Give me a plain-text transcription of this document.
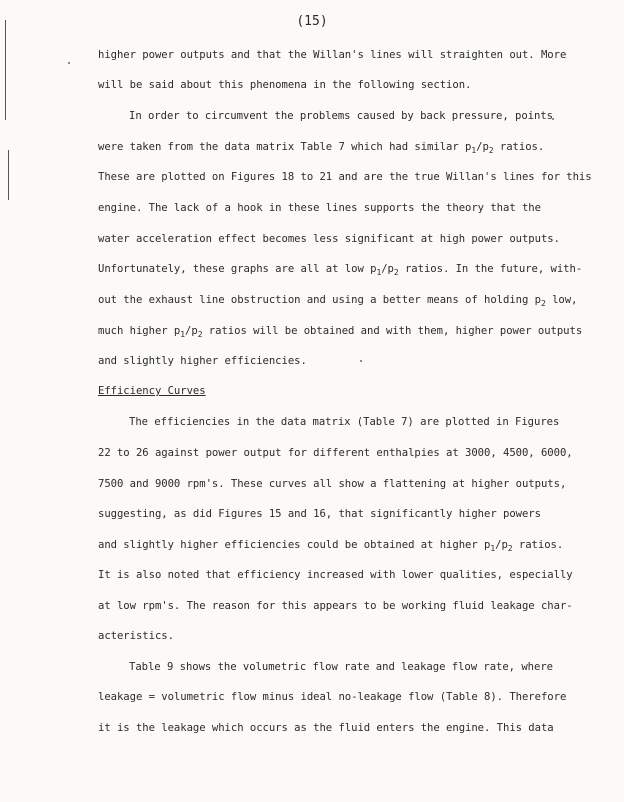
(15)
higher power outputs and that the Willan's lines will straighten out. More
will be said about this phenomena in the following section.
In order to circumvent the problems caused by back pressure, points
were taken from the data matrix Table 7 which had similar $p_1/p_2$ ratios.
These are plotted on Figures 18 to 21 and are the true Willan's lines for this
engine. The lack of a hook in these lines supports the theory that the
water acceleration effect becomes less significant at high power outputs.
Unfortunately, these graphs are all at low $p_1/p_2$ ratios. In the future, with-
out the exhaust line obstruction and using a better means of holding $p_2$ low,
much higher $p_1/p_2$ ratios will be obtained and with them, higher power outputs
and slightly higher efficiencies.
Efficiency Curves
The efficiencies in the data matrix (Table 7) are plotted in Figures
22 to 26 against power output for different enthalpies at 3000, 4500, 6000,
7500 and 9000 rpm's. These curves all show a flattening at higher outputs,
suggesting, as did Figures 15 and 16, that significantly higher powers
and slightly higher efficiencies could be obtained at higher $p_1/p_2$ ratios.
It is also noted that efficiency increased with lower qualities, especially
at low rpm's. The reason for this appears to be working fluid leakage char-
acteristics.
Table 9 shows the volumetric flow rate and leakage flow rate, where
leakage = volumetric flow minus ideal no-leakage flow (Table 8). Therefore
it is the leakage which occurs as the fluid enters the engine. This data
